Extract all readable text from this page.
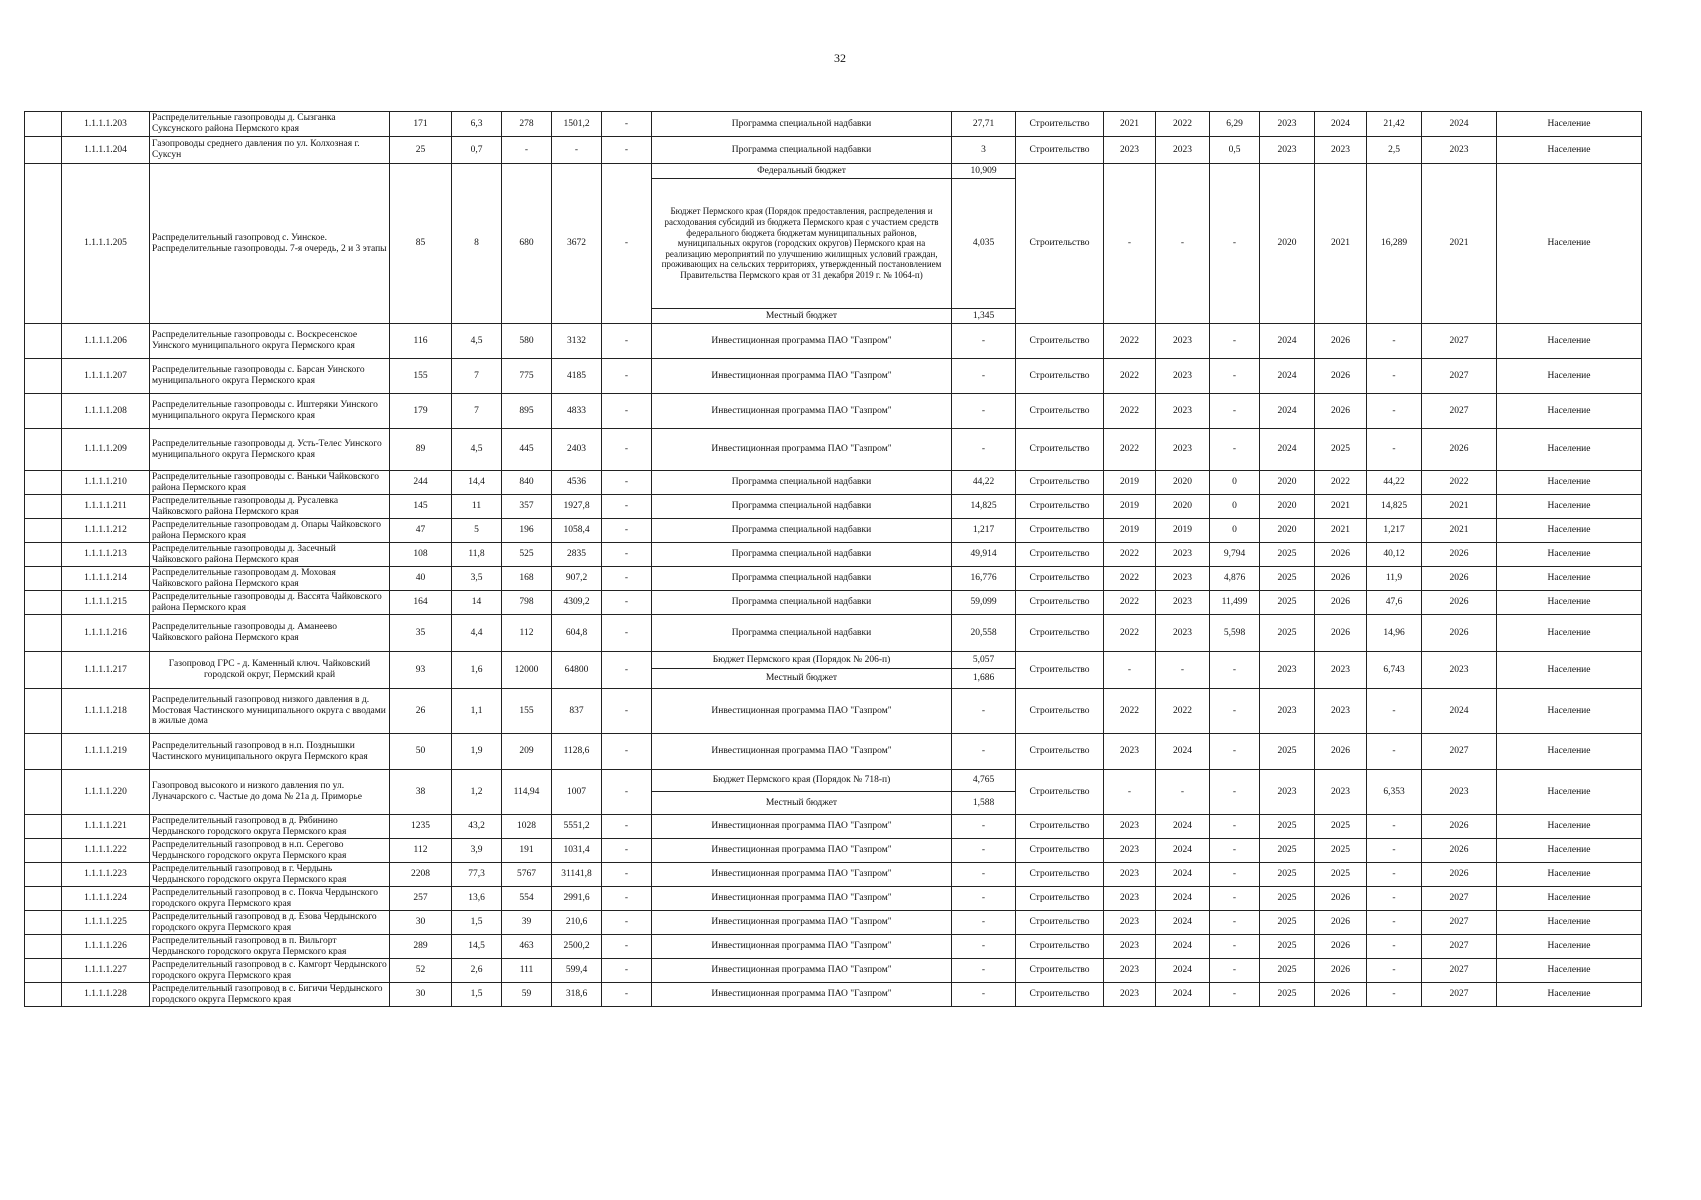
32
	1.1.1.1.203	Распределительные газопроводы д. Сызганка Суксунского района Пермского края	171	6,3	278	1501,2	-	Программа специальной надбавки	27,71	Строительство	2021	2022	6,29	2023	2024	21,42	2024	Население
	1.1.1.1.204	Газопроводы среднего давления по ул. Колхозная г. Суксун	25	0,7	-	-	-	Программа специальной надбавки	3	Строительство	2023	2023	0,5	2023	2023	2,5	2023	Население
	1.1.1.1.205	Распределительный газопровод с. Уинское. Распределительные газопроводы. 7-я очередь, 2 и 3 этапы	85	8	680	3672	-	Федеральный бюджет	10,909	Строительство	-	-	-	2020	2021	16,289	2021	Население
								Бюджет Пермского края (Порядок предоставления, распределения и расходования субсидий из бюджета Пермского края с участием средств федерального бюджета бюджетам муниципальных районов, муниципальных округов (городских округов) Пермского края на реализацию мероприятий по улучшению жилищных условий граждан, проживающих на сельских территориях, утвержденный постановлением Правительства Пермского края от 31 декабря 2019 г. № 1064-п)	4,035									
								Местный бюджет	1,345									
	1.1.1.1.206	Распределительные газопроводы с. Воскресенское Уинского муниципального округа Пермского края	116	4,5	580	3132	-	Инвестиционная программа ПАО "Газпром"	-	Строительство	2022	2023	-	2024	2026	-	2027	Население
	1.1.1.1.207	Распределительные газопроводы с. Барсан Уинского муниципального округа Пермского края	155	7	775	4185	-	Инвестиционная программа ПАО "Газпром"	-	Строительство	2022	2023	-	2024	2026	-	2027	Население
	1.1.1.1.208	Распределительные газопроводы с. Иштеряки Уинского муниципального округа Пермского края	179	7	895	4833	-	Инвестиционная программа ПАО "Газпром"	-	Строительство	2022	2023	-	2024	2026	-	2027	Население
	1.1.1.1.209	Распределительные газопроводы д. Усть-Телес Уинского муниципального округа Пермского края	89	4,5	445	2403	-	Инвестиционная программа ПАО "Газпром"	-	Строительство	2022	2023	-	2024	2025	-	2026	Население
	1.1.1.1.210	Распределительные газопроводы с. Ваньки Чайковского района Пермского края	244	14,4	840	4536	-	Программа специальной надбавки	44,22	Строительство	2019	2020	0	2020	2022	44,22	2022	Население
	1.1.1.1.211	Распределительные газопроводы д. Русалевка Чайковского района Пермского края	145	11	357	1927,8	-	Программа специальной надбавки	14,825	Строительство	2019	2020	0	2020	2021	14,825	2021	Население
	1.1.1.1.212	Распределительные газопроводам д. Опары Чайковского района Пермского края	47	5	196	1058,4	-	Программа специальной надбавки	1,217	Строительство	2019	2019	0	2020	2021	1,217	2021	Население
	1.1.1.1.213	Распределительные газопроводы д. Засечный Чайковского района Пермского края	108	11,8	525	2835	-	Программа специальной надбавки	49,914	Строительство	2022	2023	9,794	2025	2026	40,12	2026	Население
	1.1.1.1.214	Распределительные газопроводам д. Моховая Чайковского района Пермского края	40	3,5	168	907,2	-	Программа специальной надбавки	16,776	Строительство	2022	2023	4,876	2025	2026	11,9	2026	Население
	1.1.1.1.215	Распределительные газопроводы д. Вассята Чайковского района Пермского края	164	14	798	4309,2	-	Программа специальной надбавки	59,099	Строительство	2022	2023	11,499	2025	2026	47,6	2026	Население
	1.1.1.1.216	Распределительные газопроводы д. Аманеево Чайковского района Пермского края	35	4,4	112	604,8	-	Программа специальной надбавки	20,558	Строительство	2022	2023	5,598	2025	2026	14,96	2026	Население
	1.1.1.1.217	Газопровод ГРС - д. Каменный ключ. Чайковский городской округ, Пермский край	93	1,6	12000	64800	-	Бюджет Пермского края (Порядок № 206-п)	5,057	Строительство	-	-	-	2023	2023	6,743	2023	Население
								Местный бюджет	1,686									
	1.1.1.1.218	Распределительный газопровод низкого давления в д. Мостовая Частинского муниципального округа с вводами в жилые дома	26	1,1	155	837	-	Инвестиционная программа ПАО "Газпром"	-	Строительство	2022	2022	-	2023	2023	-	2024	Население
	1.1.1.1.219	Распределительный газопровод в н.п. Позднышки Частинского муниципального округа Пермского края	50	1,9	209	1128,6	-	Инвестиционная программа ПАО "Газпром"	-	Строительство	2023	2024	-	2025	2026	-	2027	Население
	1.1.1.1.220	Газопровод высокого и низкого давления по ул. Луначарского с. Частые до дома № 21а д. Приморье	38	1,2	114,94	1007	-	Бюджет Пермского края (Порядок № 718-п)	4,765	Строительство	-	-	-	2023	2023	6,353	2023	Население
								Местный бюджет	1,588									
	1.1.1.1.221	Распределительный газопровод в д. Рябинино Чердынского городского округа Пермского края	1235	43,2	1028	5551,2	-	Инвестиционная программа ПАО "Газпром"	-	Строительство	2023	2024	-	2025	2025	-	2026	Население
	1.1.1.1.222	Распределительный газопровод в н.п. Серегово Чердынского городского округа Пермского края	112	3,9	191	1031,4	-	Инвестиционная программа ПАО "Газпром"	-	Строительство	2023	2024	-	2025	2025	-	2026	Население
	1.1.1.1.223	Распределительный газопровод в г. Чердынь Чердынского городского округа Пермского края	2208	77,3	5767	31141,8	-	Инвестиционная программа ПАО "Газпром"	-	Строительство	2023	2024	-	2025	2025	-	2026	Население
	1.1.1.1.224	Распределительный газопровод в с. Покча Чердынского городского округа Пермского края	257	13,6	554	2991,6	-	Инвестиционная программа ПАО "Газпром"	-	Строительство	2023	2024	-	2025	2026	-	2027	Население
	1.1.1.1.225	Распределительный газопровод в д. Езова Чердынского городского округа Пермского края	30	1,5	39	210,6	-	Инвестиционная программа ПАО "Газпром"	-	Строительство	2023	2024	-	2025	2026	-	2027	Население
	1.1.1.1.226	Распределительный газопровод в п. Вильгорт Чердынского городского округа Пермского края	289	14,5	463	2500,2	-	Инвестиционная программа ПАО "Газпром"	-	Строительство	2023	2024	-	2025	2026	-	2027	Население
	1.1.1.1.227	Распределительный газопровод в с. Камгорт Чердынского городского округа Пермского края	52	2,6	111	599,4	-	Инвестиционная программа ПАО "Газпром"	-	Строительство	2023	2024	-	2025	2026	-	2027	Население
	1.1.1.1.228	Распределительный газопровод в с. Бигичи Чердынского городского округа Пермского края	30	1,5	59	318,6	-	Инвестиционная программа ПАО "Газпром"	-	Строительство	2023	2024	-	2025	2026	-	2027	Население
